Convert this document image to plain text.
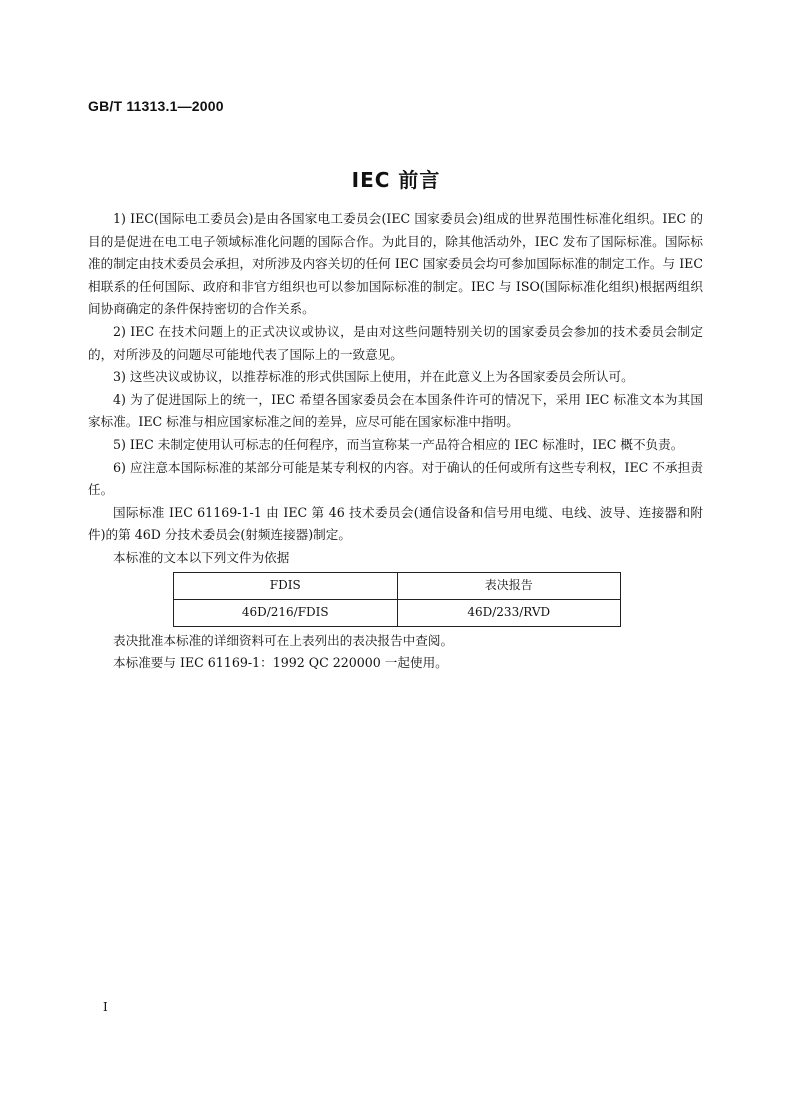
GB/T 11313.1—2000
IEC 前言

1) IEC(国际电工委员会)是由各国家电工委员会(IEC 国家委员会)组成的世界范围性标准化组织。IEC 的目的是促进在电工电子领域标准化问题的国际合作。为此目的，除其他活动外，IEC 发布了国际标准。国际标准的制定由技术委员会承担，对所涉及内容关切的任何 IEC 国家委员会均可参加国际标准的制定工作。与 IEC 相联系的任何国际、政府和非官方组织也可以参加国际标准的制定。IEC 与 ISO(国际标准化组织)根据两组织间协商确定的条件保持密切的合作关系。

2) IEC 在技术问题上的正式决议或协议，是由对这些问题特别关切的国家委员会参加的技术委员会制定的，对所涉及的问题尽可能地代表了国际上的一致意见。

3) 这些决议或协议，以推荐标准的形式供国际上使用，并在此意义上为各国家委员会所认可。

4) 为了促进国际上的统一，IEC 希望各国家委员会在本国条件许可的情况下，采用 IEC 标准文本为其国家标准。IEC 标准与相应国家标准之间的差异，应尽可能在国家标准中指明。

5) IEC 未制定使用认可标志的任何程序，而当宣称某一产品符合相应的 IEC 标准时，IEC 概不负责。

6) 应注意本国际标准的某部分可能是某专利权的内容。对于确认的任何或所有这些专利权，IEC 不承担责任。

国际标准 IEC 61169-1-1 由 IEC 第 46 技术委员会(通信设备和信号用电缆、电线、波导、连接器和附件)的第 46D 分技术委员会(射频连接器)制定。

本标准的文本以下列文件为依据

FDIS	表决报告
46D/216/FDIS	46D/233/RVD

表决批准本标准的详细资料可在上表列出的表决报告中查阅。

本标准要与 IEC 61169-1：1992 QC 220000 一起使用。

I
